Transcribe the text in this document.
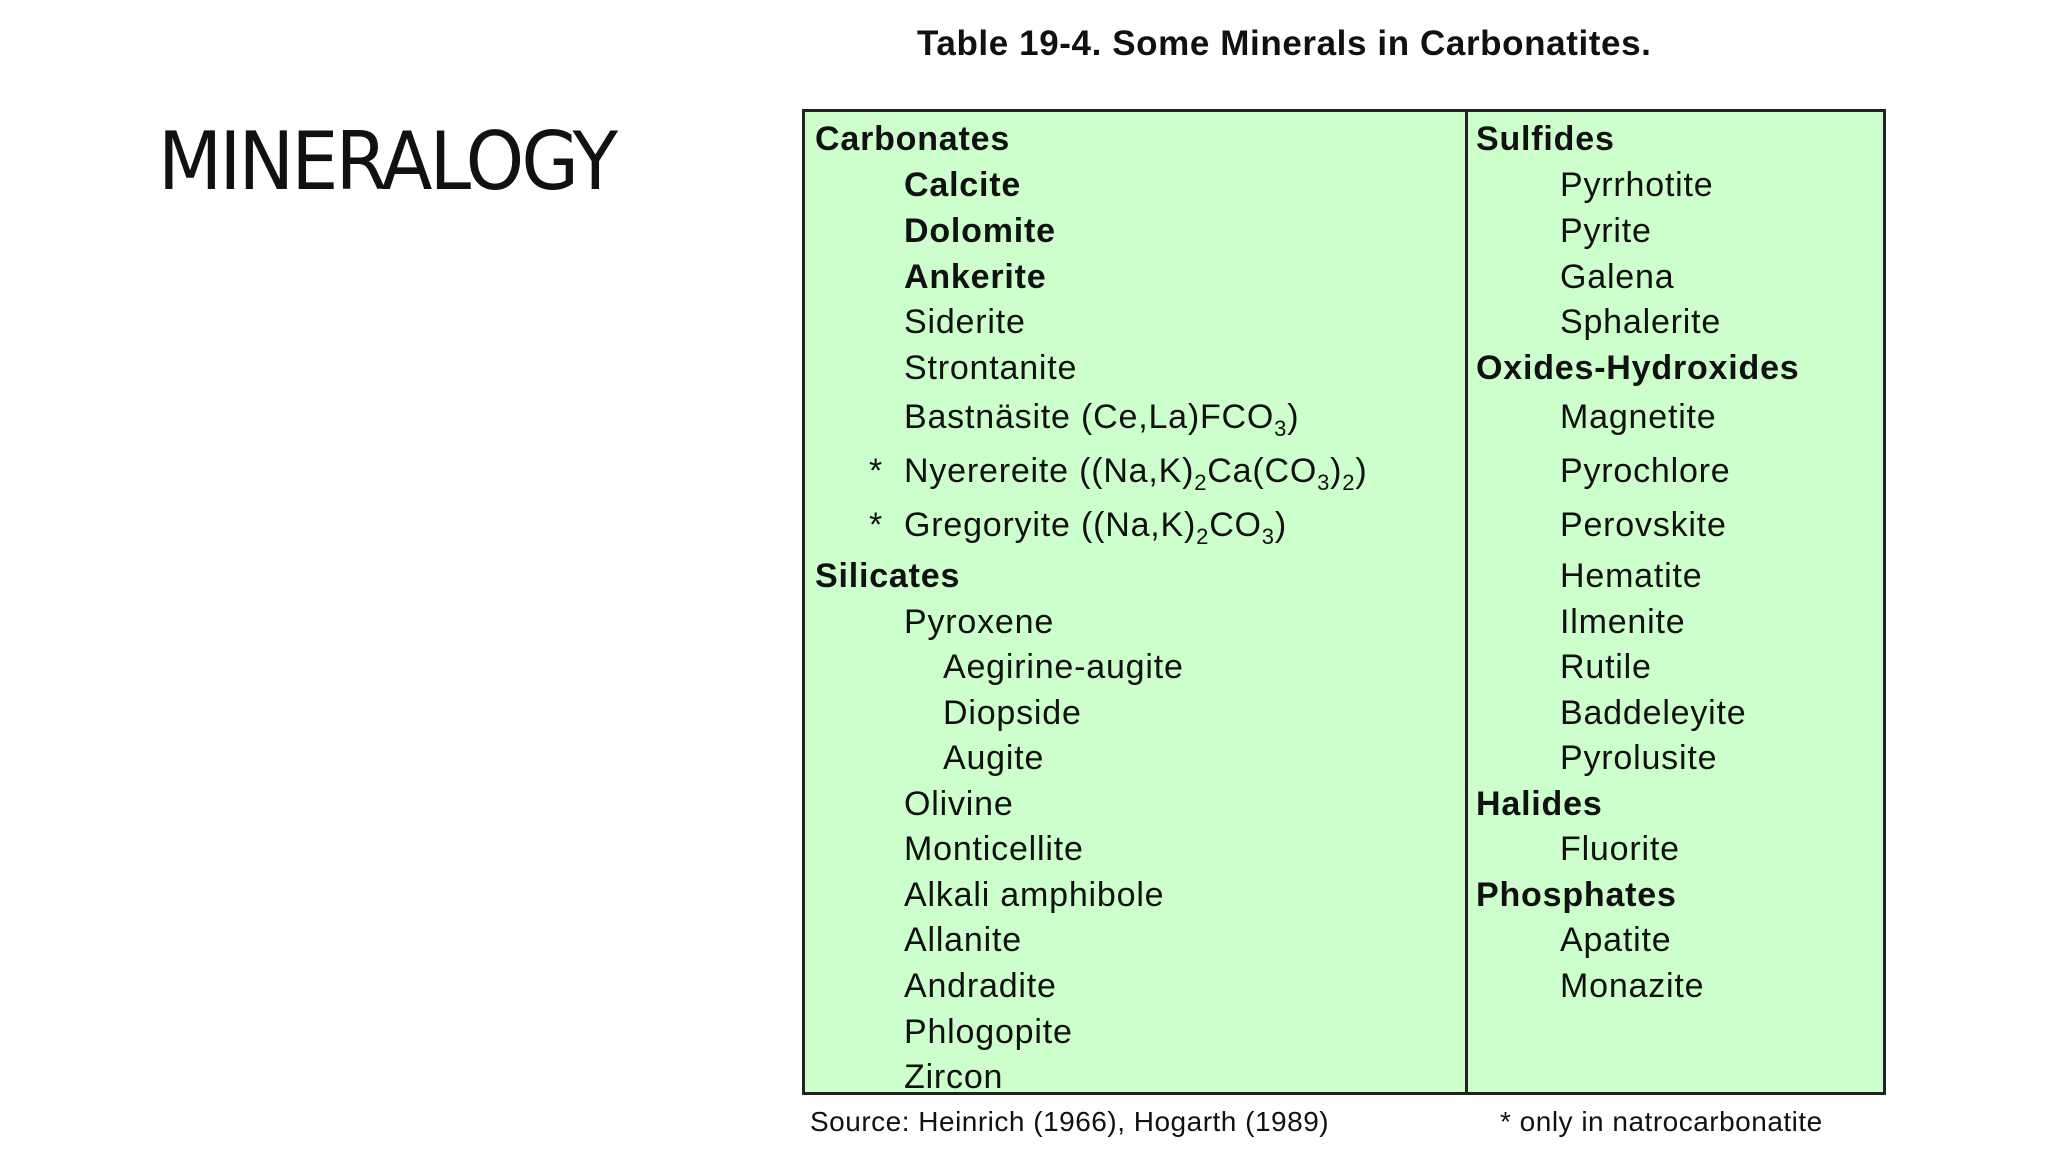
MINERALOGY
Table 19-4. Some Minerals in Carbonatites.
Carbonates
Calcite
Dolomite
Ankerite
Siderite
Strontanite
Bastnäsite $(Ce,La)FCO_3$)
* Nyerereite $((Na,K)_2Ca(CO_3)_2)$
* Gregoryite $((Na,K)_2CO_3)$
Silicates
Pyroxene
Aegirine-augite
Diopside
Augite
Olivine
Monticellite
Alkali amphibole
Allanite
Andradite
Phlogopite
Zircon
Sulfides
Pyrrhotite
Pyrite
Galena
Sphalerite
Oxides-Hydroxides
Magnetite
Pyrochlore
Perovskite
Hematite
Ilmenite
Rutile
Baddeleyite
Pyrolusite
Halides
Fluorite
Phosphates
Apatite
Monazite
Source: Heinrich (1966), Hogarth (1989)	* only in natrocarbonatite
